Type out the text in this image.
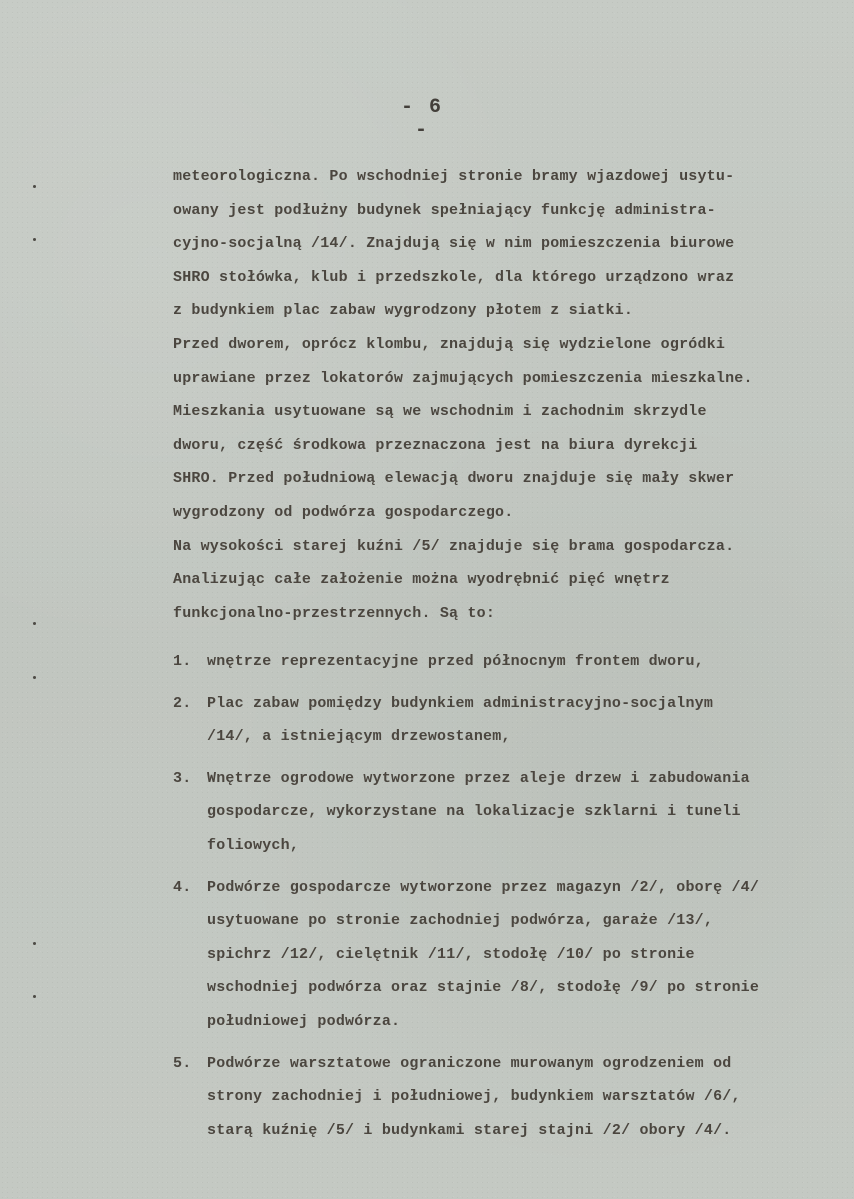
- 6 -
meteorologiczna. Po wschodniej stronie bramy wjazdowej usytu-
owany jest podłużny budynek spełniający funkcję administra-
cyjno-socjalną /14/. Znajdują się w nim pomieszczenia biurowe
SHRO stołówka, klub i przedszkole, dla którego urządzono wraz
z budynkiem plac zabaw wygrodzony płotem z siatki.
Przed dworem, oprócz klombu, znajdują się wydzielone ogródki
uprawiane przez lokatorów zajmujących pomieszczenia mieszkalne.
Mieszkania usytuowane są we wschodnim i zachodnim skrzydle
dworu, część środkowa przeznaczona jest na biura dyrekcji
SHRO. Przed południową elewacją dworu znajduje się mały skwer
wygrodzony od podwórza gospodarczego.
Na wysokości starej kuźni /5/ znajduje się brama gospodarcza.
Analizując całe założenie można wyodrębnić pięć wnętrz
funkcjonalno-przestrzennych. Są to:
1.	wnętrze reprezentacyjne przed północnym frontem dworu,
2.	Plac zabaw pomiędzy budynkiem administracyjno-socjalnym
/14/, a istniejącym drzewostanem,
3.	Wnętrze ogrodowe wytworzone przez aleje drzew i zabudowania
gospodarcze, wykorzystane na lokalizacje szklarni i tuneli
foliowych,
4.	Podwórze gospodarcze wytworzone przez magazyn /2/, oborę /4/
usytuowane po stronie zachodniej podwórza, garaże /13/,
spichrz /12/, cielętnik /11/, stodołę /10/ po stronie
wschodniej podwórza oraz stajnie /8/, stodołę /9/ po stronie
południowej podwórza.
5.	Podwórze warsztatowe ograniczone murowanym ogrodzeniem od
strony zachodniej i południowej, budynkiem warsztatów /6/,
starą kuźnię /5/ i budynkami starej stajni /2/ obory /4/.
